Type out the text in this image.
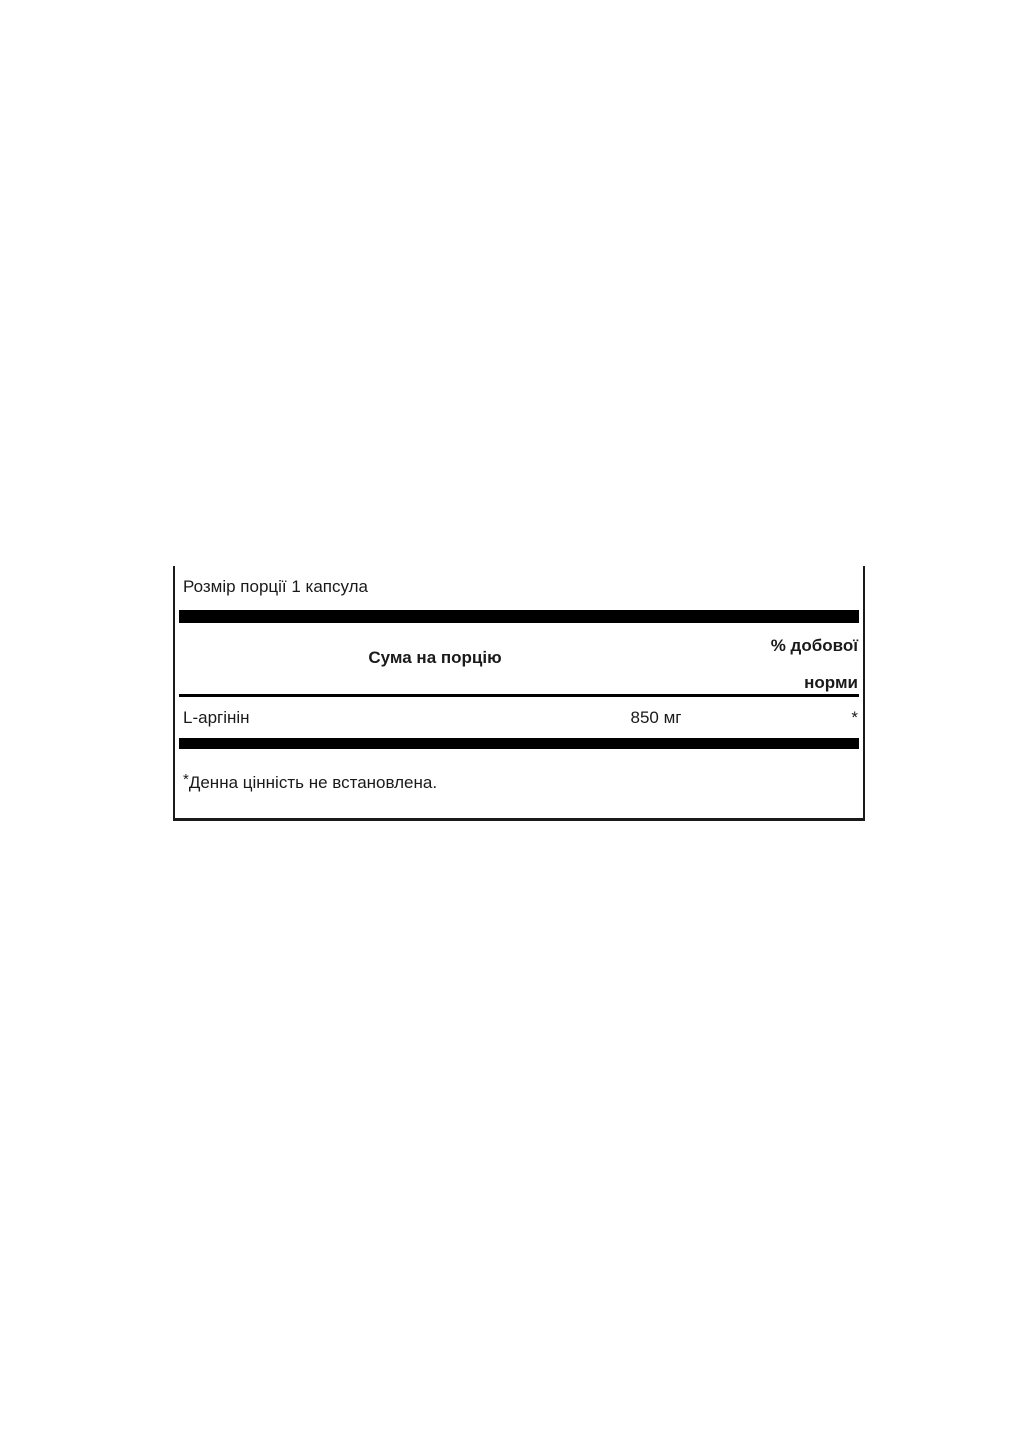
Розмір порції 1 капсула
Сума на порцію
% добової
норми
L-аргінін	850 мг	*
*Денна цінність не встановлена.
